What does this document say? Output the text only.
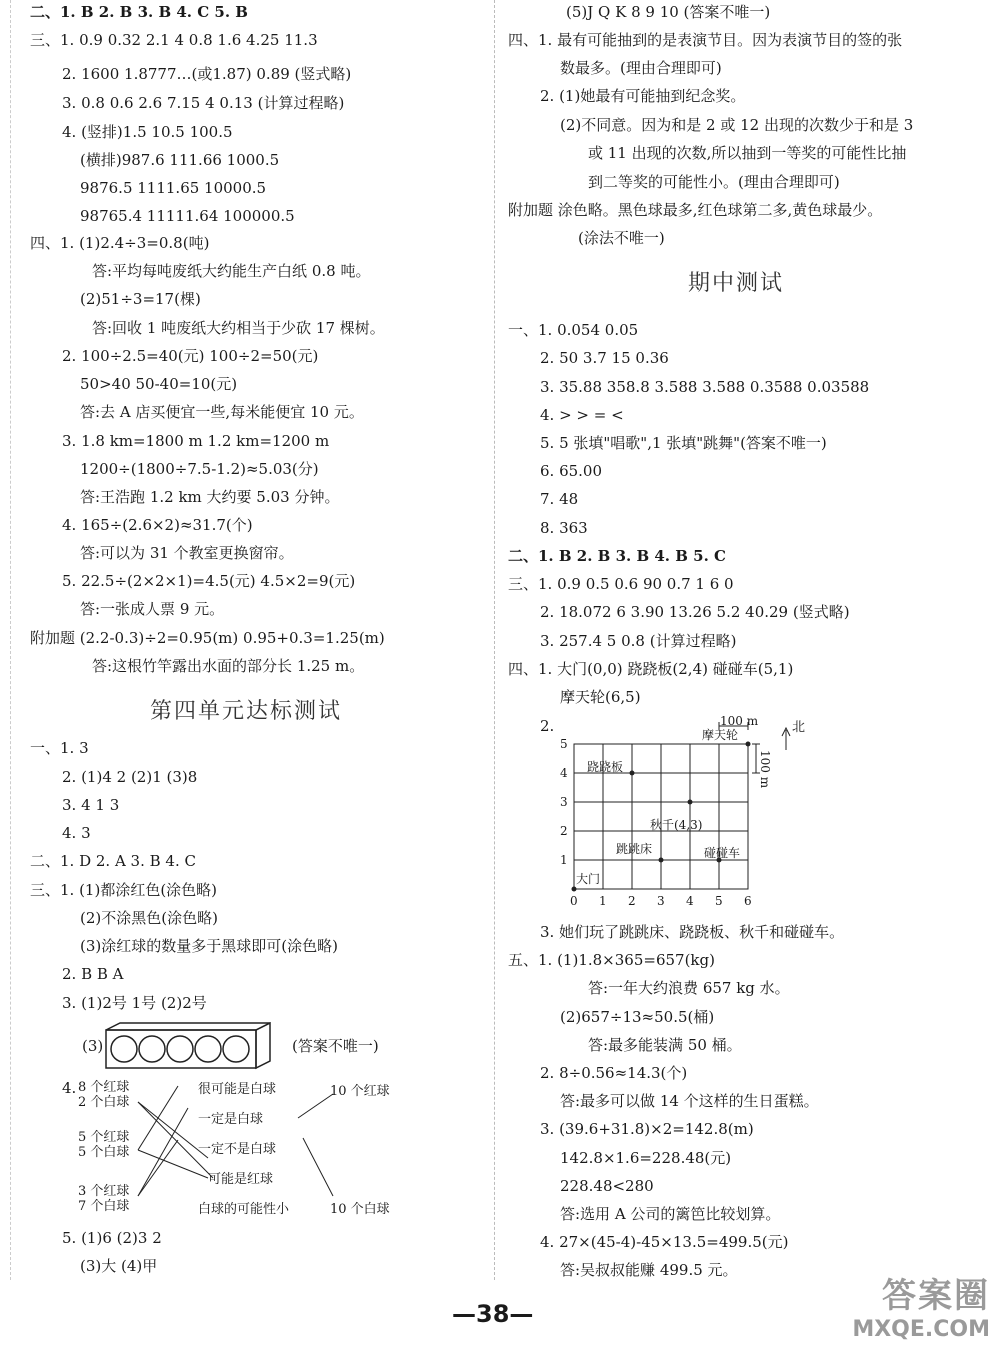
二、1. B 2. B 3. B 4. C 5. B
三、1. 0.9 0.32 2.1 4 0.8 1.6 4.25 11.3
2. 1600 1.8777…(或1.87) 0.89 (竖式略)
3. 0.8 0.6 2.6 7.15 4 0.13 (计算过程略)
4. (竖排)1.5 10.5 100.5
(横排)987.6 111.66 1000.5
9876.5 1111.65 10000.5
98765.4 11111.64 100000.5
四、1. (1)2.4÷3=0.8(吨)
答:平均每吨废纸大约能生产白纸 0.8 吨。
(2)51÷3=17(棵)
答:回收 1 吨废纸大约相当于少砍 17 棵树。
2. 100÷2.5=40(元) 100÷2=50(元)
50>40 50-40=10(元)
答:去 A 店买便宜一些,每米能便宜 10 元。
3. 1.8 km=1800 m 1.2 km=1200 m
1200÷(1800÷7.5-1.2)≈5.03(分)
答:王浩跑 1.2 km 大约要 5.03 分钟。
4. 165÷(2.6×2)≈31.7(个)
答:可以为 31 个教室更换窗帘。
5. 22.5÷(2×2×1)=4.5(元) 4.5×2=9(元)
答:一张成人票 9 元。
附加题 (2.2-0.3)÷2=0.95(m) 0.95+0.3=1.25(m)
答:这根竹竿露出水面的部分长 1.25 m。
第四单元达标测试
一、1. 3
2. (1)4 2 (2)1 (3)8
3. 4 1 3
4. 3
二、1. D 2. A 3. B 4. C
三、1. (1)都涂红色(涂色略)
(2)不涂黑色(涂色略)
(3)涂红球的数量多于黑球即可(涂色略)
2. B B A
3. (1)2号 1号 (2)2号
(3)	(答案不唯一)
4. 8 个红球
2 个白球
5 个红球
5 个白球
3 个红球
7 个白球
很可能是白球
一定是白球
一定不是白球
可能是红球
白球的可能性小
10 个红球
10 个白球
5. (1)6 (2)3 2
(3)大 (4)甲
(5)J Q K 8 9 10 (答案不唯一)
四、1. 最有可能抽到的是表演节目。因为表演节目的签的张
数最多。(理由合理即可)
2. (1)她最有可能抽到纪念奖。
(2)不同意。因为和是 2 或 12 出现的次数少于和是 3
或 11 出现的次数,所以抽到一等奖的可能性比抽
到二等奖的可能性小。(理由合理即可)
附加题 涂色略。黑色球最多,红色球第二多,黄色球最少。
(涂法不唯一)
期中测试
一、1. 0.054 0.05
2. 50 3.7 15 0.36
3. 35.88 358.8 3.588 3.588 0.3588 0.03588
4. > > = <
5. 5 张填"唱歌",1 张填"跳舞"(答案不唯一)
6. 65.00
7. 48
8. 363
二、1. B 2. B 3. B 4. B 5. C
三、1. 0.9 0.5 0.6 90 0.7 1 6 0
2. 18.072 6 3.90 13.26 5.2 40.29 (竖式略)
3. 257.4 5 0.8 (计算过程略)
四、1. 大门(0,0) 跷跷板(2,4) 碰碰车(5,1)
摩天轮(6,5)
2.	100 m
100 m
北
跷跷板
摩天轮
秋千(4,3)
跳跳床	碰碰车
大门
0 1 2 3 4 5 6
1
2
3
4
5
3. 她们玩了跳跳床、跷跷板、秋千和碰碰车。
五、1. (1)1.8×365=657(kg)
答:一年大约浪费 657 kg 水。
(2)657÷13≈50.5(桶)
答:最多能装满 50 桶。
2. 8÷0.56≈14.3(个)
答:最多可以做 14 个这样的生日蛋糕。
3. (39.6+31.8)×2=142.8(m)
142.8×1.6=228.48(元)
228.48<280
答:选用 A 公司的篱笆比较划算。
4. 27×(45-4)-45×13.5=499.5(元)
答:吴叔叔能赚 499.5 元。
—38—	答案圈
MXQE.COM
